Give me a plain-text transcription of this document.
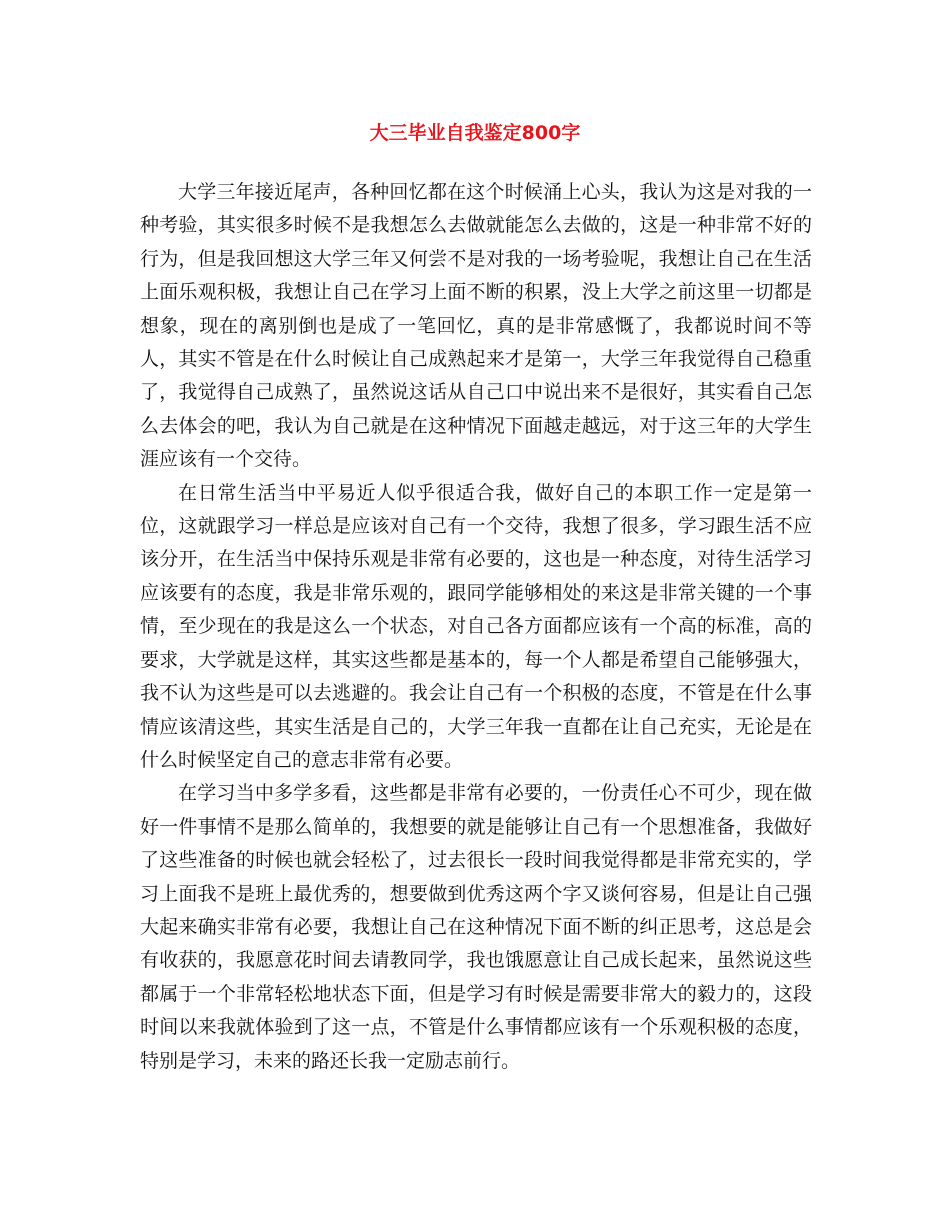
大三毕业自我鉴定800字

大学三年接近尾声，各种回忆都在这个时候涌上心头，我认为这是对我的一种考验，其实很多时候不是我想怎么去做就能怎么去做的，这是一种非常不好的行为，但是我回想这大学三年又何尝不是对我的一场考验呢，我想让自己在生活上面乐观积极，我想让自己在学习上面不断的积累，没上大学之前这里一切都是想象，现在的离别倒也是成了一笔回忆，真的是非常感慨了，我都说时间不等人，其实不管是在什么时候让自己成熟起来才是第一，大学三年我觉得自己稳重了，我觉得自己成熟了，虽然说这话从自己口中说出来不是很好，其实看自己怎么去体会的吧，我认为自己就是在这种情况下面越走越远，对于这三年的大学生涯应该有一个交待。

在日常生活当中平易近人似乎很适合我，做好自己的本职工作一定是第一位，这就跟学习一样总是应该对自己有一个交待，我想了很多，学习跟生活不应该分开，在生活当中保持乐观是非常有必要的，这也是一种态度，对待生活学习应该要有的态度，我是非常乐观的，跟同学能够相处的来这是非常关键的一个事情，至少现在的我是这么一个状态，对自己各方面都应该有一个高的标准，高的要求，大学就是这样，其实这些都是基本的，每一个人都是希望自己能够强大，我不认为这些是可以去逃避的。我会让自己有一个积极的态度，不管是在什么事情应该清这些，其实生活是自己的，大学三年我一直都在让自己充实，无论是在什么时候坚定自己的意志非常有必要。

在学习当中多学多看，这些都是非常有必要的，一份责任心不可少，现在做好一件事情不是那么简单的，我想要的就是能够让自己有一个思想准备，我做好了这些准备的时候也就会轻松了，过去很长一段时间我觉得都是非常充实的，学习上面我不是班上最优秀的，想要做到优秀这两个字又谈何容易，但是让自己强大起来确实非常有必要，我想让自己在这种情况下面不断的纠正思考，这总是会有收获的，我愿意花时间去请教同学，我也饿愿意让自己成长起来，虽然说这些都属于一个非常轻松地状态下面，但是学习有时候是需要非常大的毅力的，这段时间以来我就体验到了这一点，不管是什么事情都应该有一个乐观积极的态度，特别是学习，未来的路还长我一定励志前行。
